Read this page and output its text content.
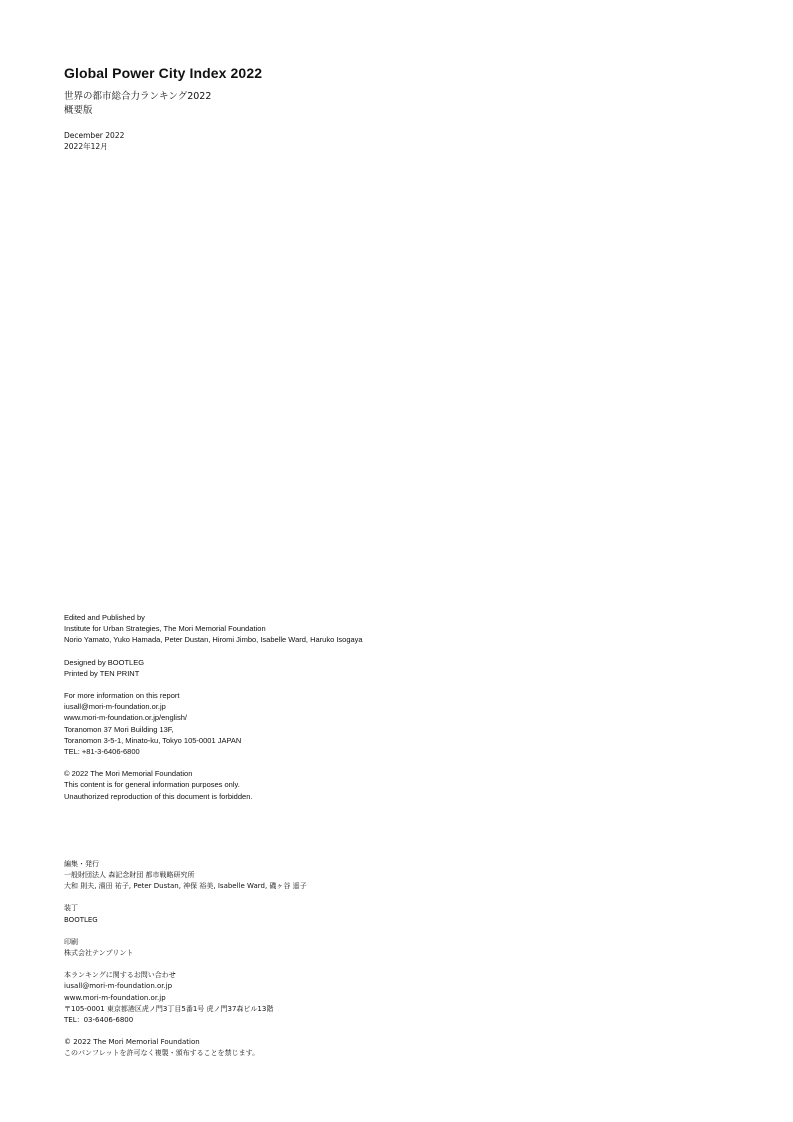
Global Power City Index 2022

世界の都市総合力ランキング2022

概要版

December 2022

2022年12月

Edited and Published by
Institute for Urban Strategies, The Mori Memorial Foundation
Norio Yamato, Yuko Hamada, Peter Dustan, Hiromi Jimbo, Isabelle Ward, Haruko Isogaya
Designed by BOOTLEG
Printed by TEN PRINT
For more information on this report
iusall@mori-m-foundation.or.jp
www.mori-m-foundation.or.jp/english/
Toranomon 37 Mori Building 13F,
Toranomon 3-5-1, Minato-ku, Tokyo 105-0001 JAPAN
TEL: +81-3-6406-6800
© 2022 The Mori Memorial Foundation
This content is for general information purposes only.
Unauthorized reproduction of this document is forbidden.
編集・発行
一般財団法人 森記念財団 都市戦略研究所
大和 則夫, 濱田 祐子, Peter Dustan, 神保 裕美, Isabelle Ward, 磯ヶ谷 遥子
装丁
BOOTLEG
印刷
株式会社テンプリント
本ランキングに関するお問い合わせ
iusall@mori-m-foundation.or.jp
www.mori-m-foundation.or.jp
〒105-0001 東京都港区虎ノ門3丁目5番1号 虎ノ門37森ビル13階
TEL：03-6406-6800
© 2022 The Mori Memorial Foundation
このパンフレットを許可なく複製・頒布することを禁じます。
